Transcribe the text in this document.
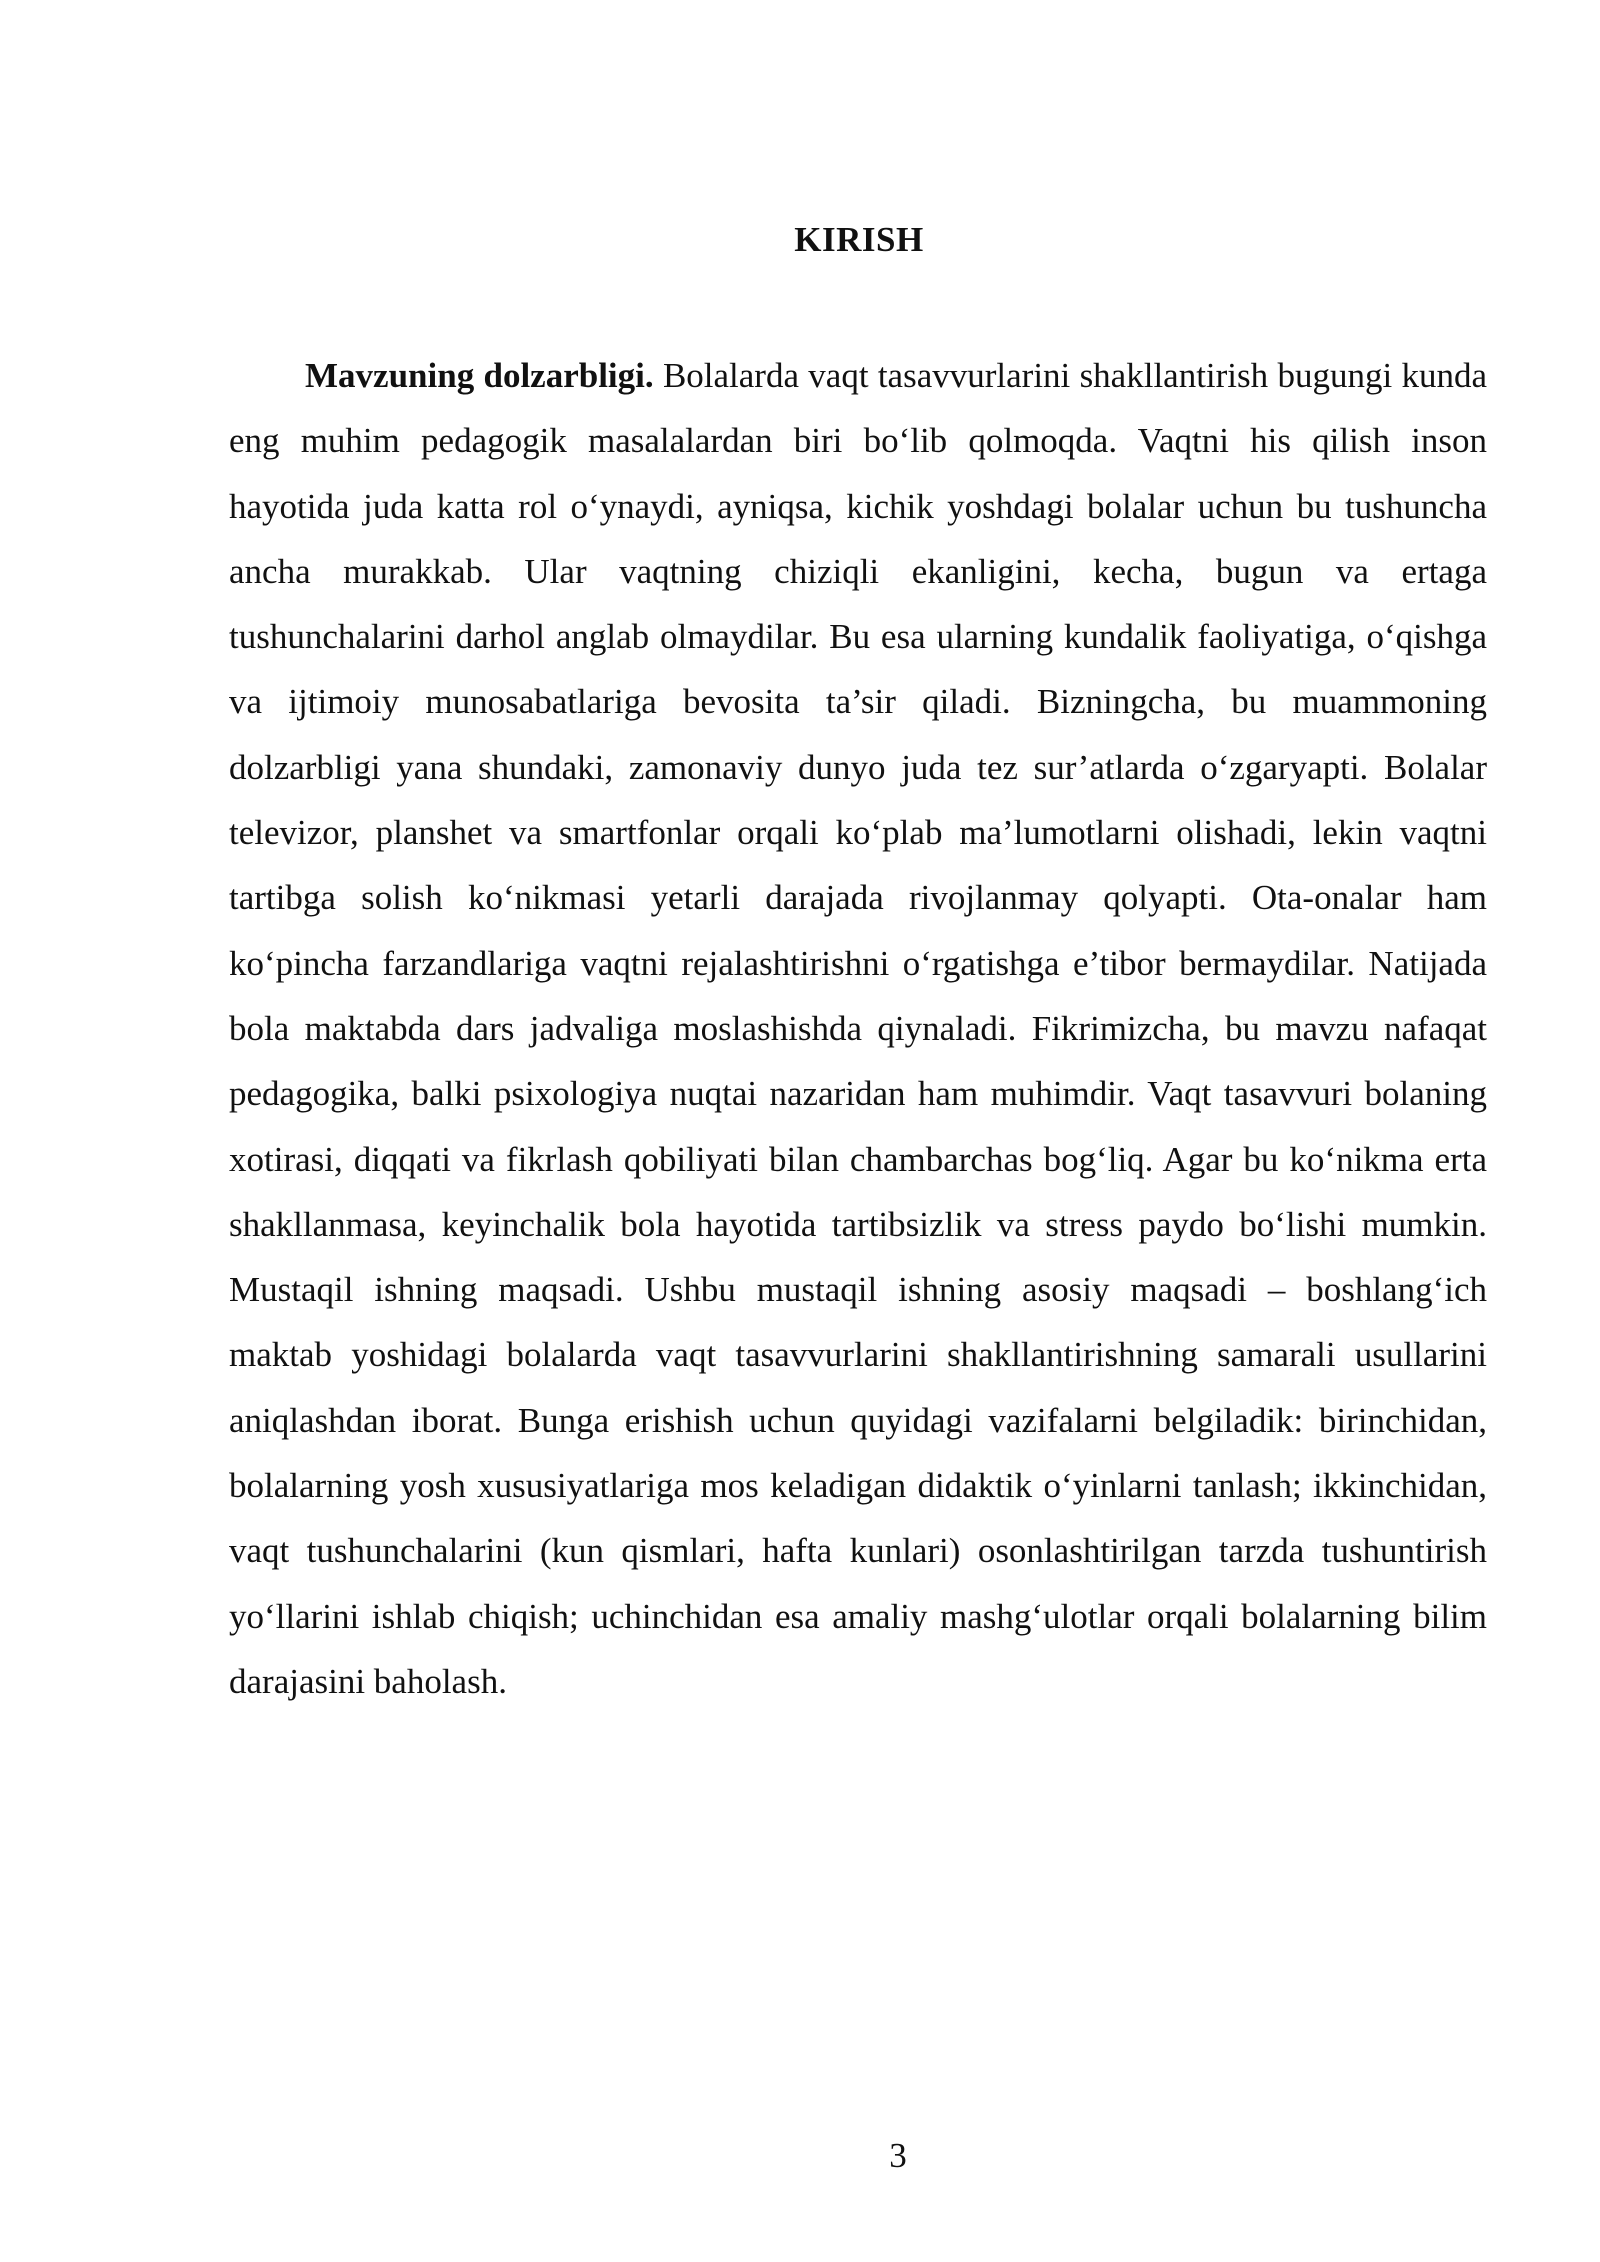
KIRISH

Mavzuning dolzarbligi. Bolalarda vaqt tasavvurlarini shakllantirish bugungi kunda eng muhim pedagogik masalalardan biri bo‘lib qolmoqda. Vaqtni his qilish inson hayotida juda katta rol o‘ynaydi, ayniqsa, kichik yoshdagi bolalar uchun bu tushuncha ancha murakkab. Ular vaqtning chiziqli ekanligini, kecha, bugun va ertaga tushunchalarini darhol anglab olmaydilar. Bu esa ularning kundalik faoliyatiga, o‘qishga va ijtimoiy munosabatlariga bevosita ta’sir qiladi. Bizningcha, bu muammoning dolzarbligi yana shundaki, zamonaviy dunyo juda tez sur’atlarda o‘zgaryapti. Bolalar televizor, planshet va smartfonlar orqali ko‘plab ma’lumotlarni olishadi, lekin vaqtni tartibga solish ko‘nikmasi yetarli darajada rivojlanmay qolyapti. Ota-onalar ham ko‘pincha farzandlariga vaqtni rejalashtirishni o‘rgatishga e’tibor bermaydilar. Natijada bola maktabda dars jadvaliga moslashishda qiynaladi. Fikrimizcha, bu mavzu nafaqat pedagogika, balki psixologiya nuqtai nazaridan ham muhimdir. Vaqt tasavvuri bolaning xotirasi, diqqati va fikrlash qobiliyati bilan chambarchas bog‘liq. Agar bu ko‘nikma erta shakllanmasa, keyinchalik bola hayotida tartibsizlik va stress paydo bo‘lishi mumkin. Mustaqil ishning maqsadi. Ushbu mustaqil ishning asosiy maqsadi – boshlang‘ich maktab yoshidagi bolalarda vaqt tasavvurlarini shakllantirishning samarali usullarini aniqlashdan iborat. Bunga erishish uchun quyidagi vazifalarni belgiladik: birinchidan, bolalarning yosh xususiyatlariga mos keladigan didaktik o‘yinlarni tanlash; ikkinchidan, vaqt tushunchalarini (kun qismlari, hafta kunlari) osonlashtirilgan tarzda tushuntirish yo‘llarini ishlab chiqish; uchinchidan esa amaliy mashg‘ulotlar orqali bolalarning bilim darajasini baholash.

3
